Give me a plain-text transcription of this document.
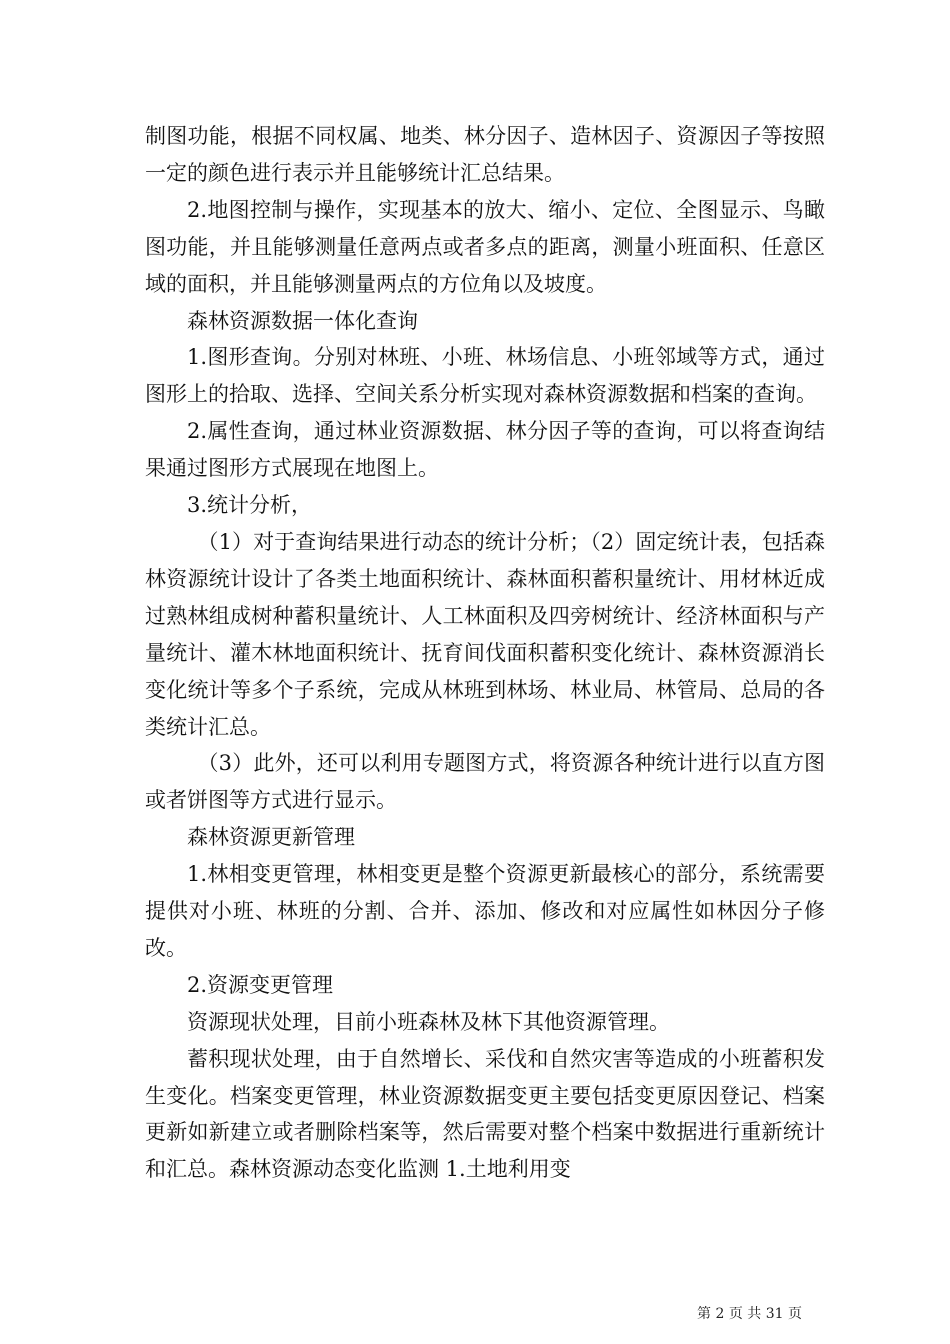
制图功能，根据不同权属、地类、林分因子、造林因子、资源因子等按照一定的颜色进行表示并且能够统计汇总结果。

2.地图控制与操作，实现基本的放大、缩小、定位、全图显示、鸟瞰图功能，并且能够测量任意两点或者多点的距离，测量小班面积、任意区域的面积，并且能够测量两点的方位角以及坡度。

森林资源数据一体化查询

1.图形查询。分别对林班、小班、林场信息、小班邻域等方式，通过图形上的拾取、选择、空间关系分析实现对森林资源数据和档案的查询。

2.属性查询，通过林业资源数据、林分因子等的查询，可以将查询结果通过图形方式展现在地图上。

3.统计分析，

（1）对于查询结果进行动态的统计分析；（2）固定统计表，包括森林资源统计设计了各类土地面积统计、森林面积蓄积量统计、用材林近成过熟林组成树种蓄积量统计、人工林面积及四旁树统计、经济林面积与产量统计、灌木林地面积统计、抚育间伐面积蓄积变化统计、森林资源消长变化统计等多个子系统，完成从林班到林场、林业局、林管局、总局的各类统计汇总。

（3）此外，还可以利用专题图方式，将资源各种统计进行以直方图或者饼图等方式进行显示。

森林资源更新管理

1.林相变更管理，林相变更是整个资源更新最核心的部分，系统需要提供对小班、林班的分割、合并、添加、修改和对应属性如林因分子修改。

2.资源变更管理

资源现状处理，目前小班森林及林下其他资源管理。

蓄积现状处理，由于自然增长、采伐和自然灾害等造成的小班蓄积发生变化。档案变更管理，林业资源数据变更主要包括变更原因登记、档案更新如新建立或者删除档案等，然后需要对整个档案中数据进行重新统计和汇总。森林资源动态变化监测 1.土地利用变

第 2 页 共 31 页
